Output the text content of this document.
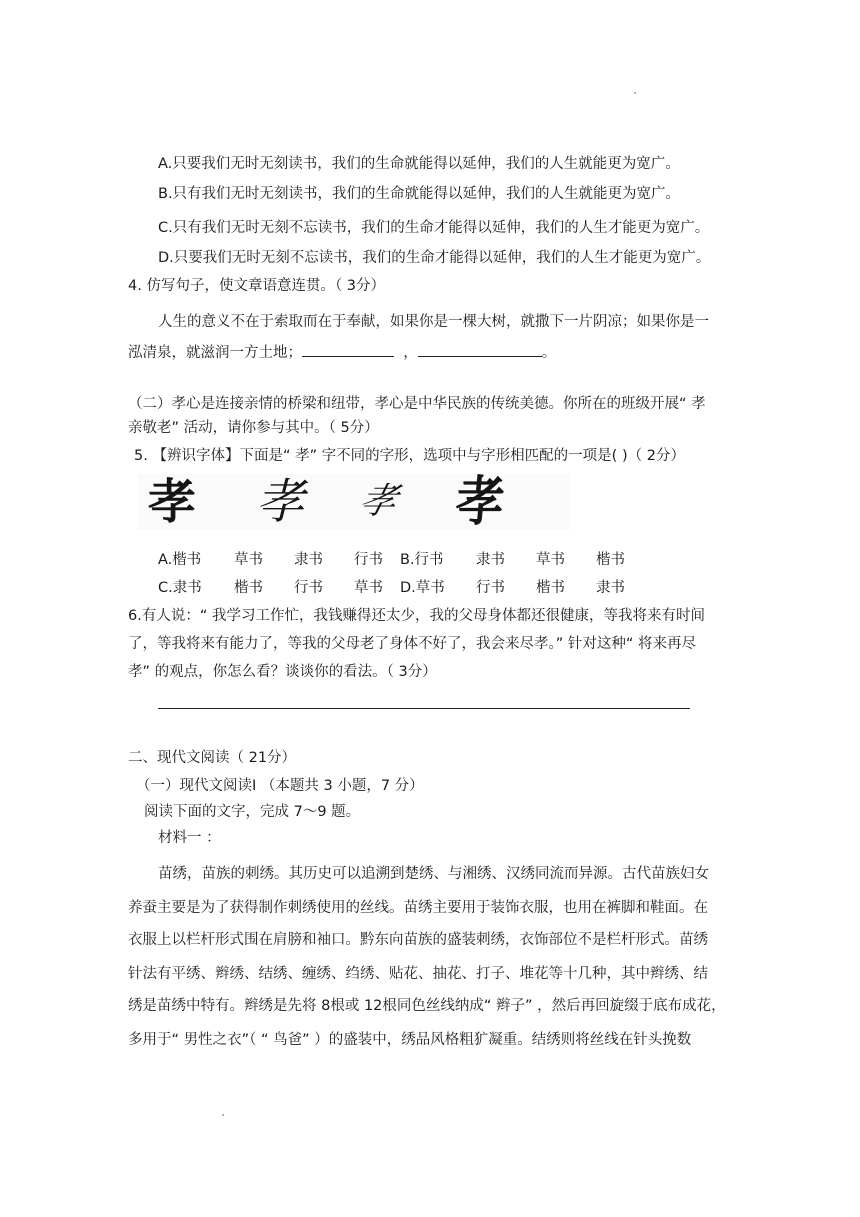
A.只要我们无时无刻读书，我们的生命就能得以延伸，我们的人生就能更为宽广。
B.只有我们无时无刻读书，我们的生命就能得以延伸，我们的人生就能更为宽广。
C.只有我们无时无刻不忘读书，我们的生命才能得以延伸，我们的人生才能更为宽广。
D.只要我们无时无刻不忘读书，我们的生命才能得以延伸，我们的人生才能更为宽广。
4. 仿写句子，使文章语意连贯。（ 3分）
人生的意义不在于索取而在于奉献，如果你是一棵大树，就撒下一片阴凉；如果你是一
泓清泉，就滋润一方土地；	，	。
（二）孝心是连接亲情的桥梁和纽带，孝心是中华民族的传统美德。你所在的班级开展“ 孝
亲敬老” 活动，请你参与其中。（ 5分）
5. 【辨识字体】下面是“ 孝” 字不同的字形，选项中与字形相匹配的一项是( )（ 2分）
孝 孝 孝 孝
A.楷书 草书 隶书 行书 B.行书 隶书 草书 楷书
C.隶书 楷书 行书 草书 D.草书 行书 楷书 隶书
6.有人说：“ 我学习工作忙，我钱赚得还太少，我的父母身体都还很健康，等我将来有时间
了，等我将来有能力了，等我的父母老了身体不好了，我会来尽孝。” 针对这种“ 将来再尽
孝” 的观点，你怎么看？谈谈你的看法。（ 3分）
二、现代文阅读（ 21分）
（一）现代文阅读Ⅰ （本题共 3 小题，7 分）
阅读下面的文字，完成 7～9 题。
材料一 ：
苗绣，苗族的刺绣。其历史可以追溯到楚绣、与湘绣、汉绣同流而异源。古代苗族妇女
养蚕主要是为了获得制作刺绣使用的丝线。苗绣主要用于装饰衣服，也用在裤脚和鞋面。在
衣服上以栏杆形式围在肩膀和袖口。黔东向苗族的盛装刺绣，衣饰部位不是栏杆形式。苗绣
针法有平绣、辫绣、结绣、缠绣、绉绣、贴花、抽花、打子、堆花等十几种，其中辫绣、结
绣是苗绣中特有。辫绣是先将 8根或 12根同色丝线纳成“ 辫子” ，然后再回旋缀于底布成花，
多用于“ 男性之衣”（ “ 鸟爸” ）的盛装中，绣品风格粗犷凝重。结绣则将丝线在针头挽数
